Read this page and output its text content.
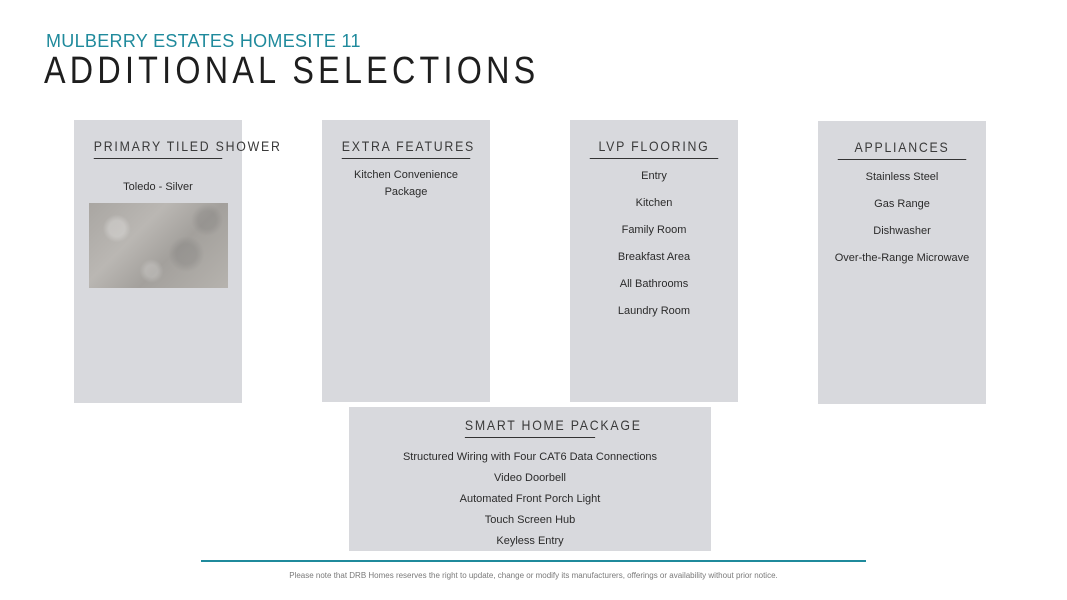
MULBERRY ESTATES HOMESITE 11
ADDITIONAL SELECTIONS
PRIMARY TILED SHOWER
Toledo - Silver
EXTRA FEATURES
Kitchen Convenience
Package
LVP FLOORING
Entry
Kitchen
Family Room
Breakfast Area
All Bathrooms
Laundry Room
APPLIANCES
Stainless Steel
Gas Range
Dishwasher
Over-the-Range Microwave
SMART HOME PACKAGE
Structured Wiring with Four CAT6 Data Connections
Video Doorbell
Automated Front Porch Light
Touch Screen Hub
Keyless Entry
Please note that DRB Homes reserves the right to update, change or modify its manufacturers, offerings or availability without prior notice.
